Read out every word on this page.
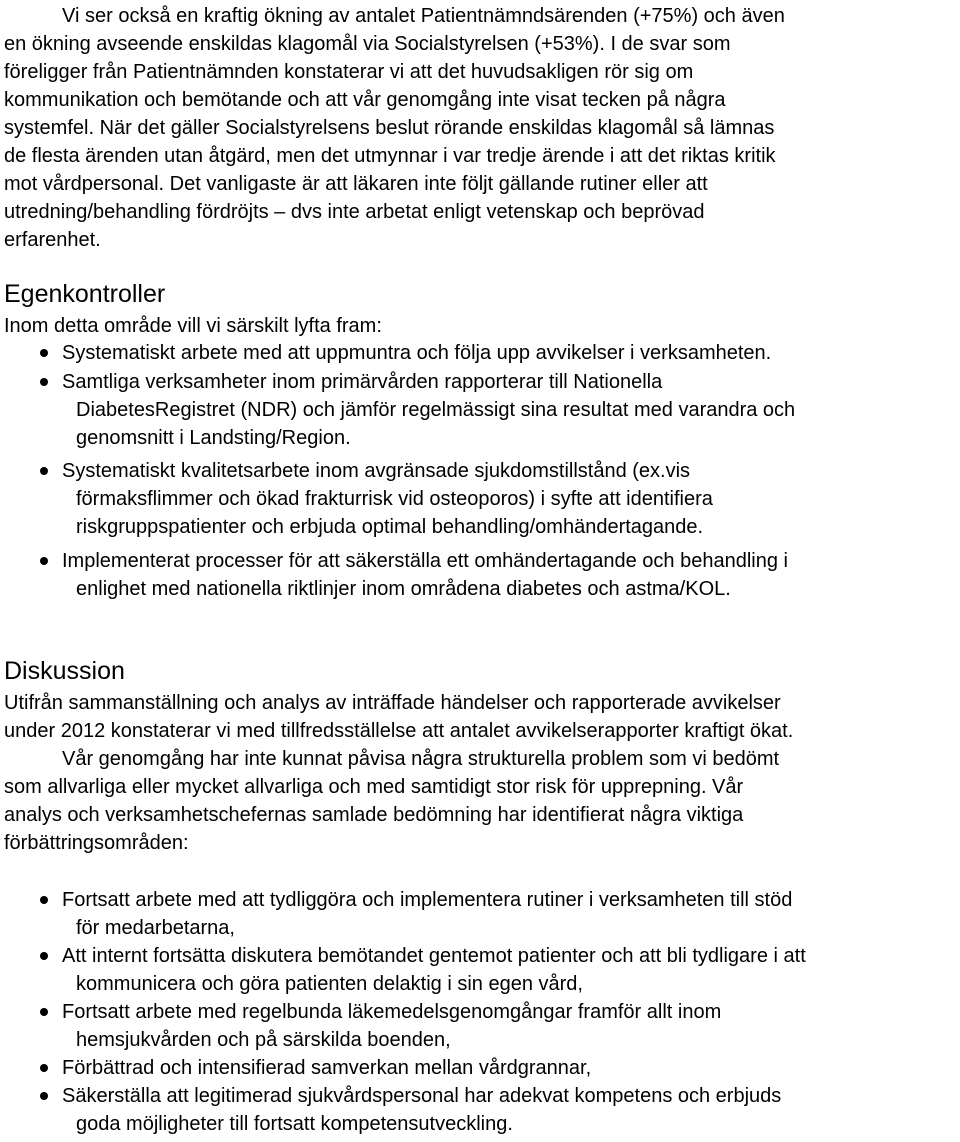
Vi ser också en kraftig ökning av antalet Patientnämndsärenden (+75%) och även
en ökning avseende enskildas klagomål via Socialstyrelsen (+53%). I de svar som
föreligger från Patientnämnden konstaterar vi att det huvudsakligen rör sig om
kommunikation och bemötande och att vår genomgång inte visat tecken på några
systemfel. När det gäller Socialstyrelsens beslut rörande enskildas klagomål så lämnas
de flesta ärenden utan åtgärd, men det utmynnar i var tredje ärende i att det riktas kritik
mot vårdpersonal. Det vanligaste är att läkaren inte följt gällande rutiner eller att
utredning/behandling fördröjts – dvs inte arbetat enligt vetenskap och beprövad
erfarenhet.
Egenkontroller
Inom detta område vill vi särskilt lyfta fram:
Systematiskt arbete med att uppmuntra och följa upp avvikelser i verksamheten.
Samtliga verksamheter inom primärvården rapporterar till Nationella
DiabetesRegistret (NDR) och jämför regelmässigt sina resultat med varandra och
genomsnitt i Landsting/Region.
Systematiskt kvalitetsarbete inom avgränsade sjukdomstillstånd (ex.vis
förmaksflimmer och ökad frakturrisk vid osteoporos) i syfte att identifiera
riskgruppspatienter och erbjuda optimal behandling/omhändertagande.
Implementerat processer för att säkerställa ett omhändertagande och behandling i
enlighet med nationella riktlinjer inom områdena diabetes och astma/KOL.
Diskussion
Utifrån sammanställning och analys av inträffade händelser och rapporterade avvikelser
under 2012 konstaterar vi med tillfredsställelse att antalet avvikelserapporter kraftigt ökat.
Vår genomgång har inte kunnat påvisa några strukturella problem som vi bedömt
som allvarliga eller mycket allvarliga och med samtidigt stor risk för upprepning. Vår
analys och verksamhetschefernas samlade bedömning har identifierat några viktiga
förbättringsområden:
Fortsatt arbete med att tydliggöra och implementera rutiner i verksamheten till stöd
för medarbetarna,
Att internt fortsätta diskutera bemötandet gentemot patienter och att bli tydligare i att
kommunicera och göra patienten delaktig i sin egen vård,
Fortsatt arbete med regelbunda läkemedelsgenomgångar framför allt inom
hemsjukvården och på särskilda boenden,
Förbättrad och intensifierad samverkan mellan vårdgrannar,
Säkerställa att legitimerad sjukvårdspersonal har adekvat kompetens och erbjuds
goda möjligheter till fortsatt kompetensutveckling.
